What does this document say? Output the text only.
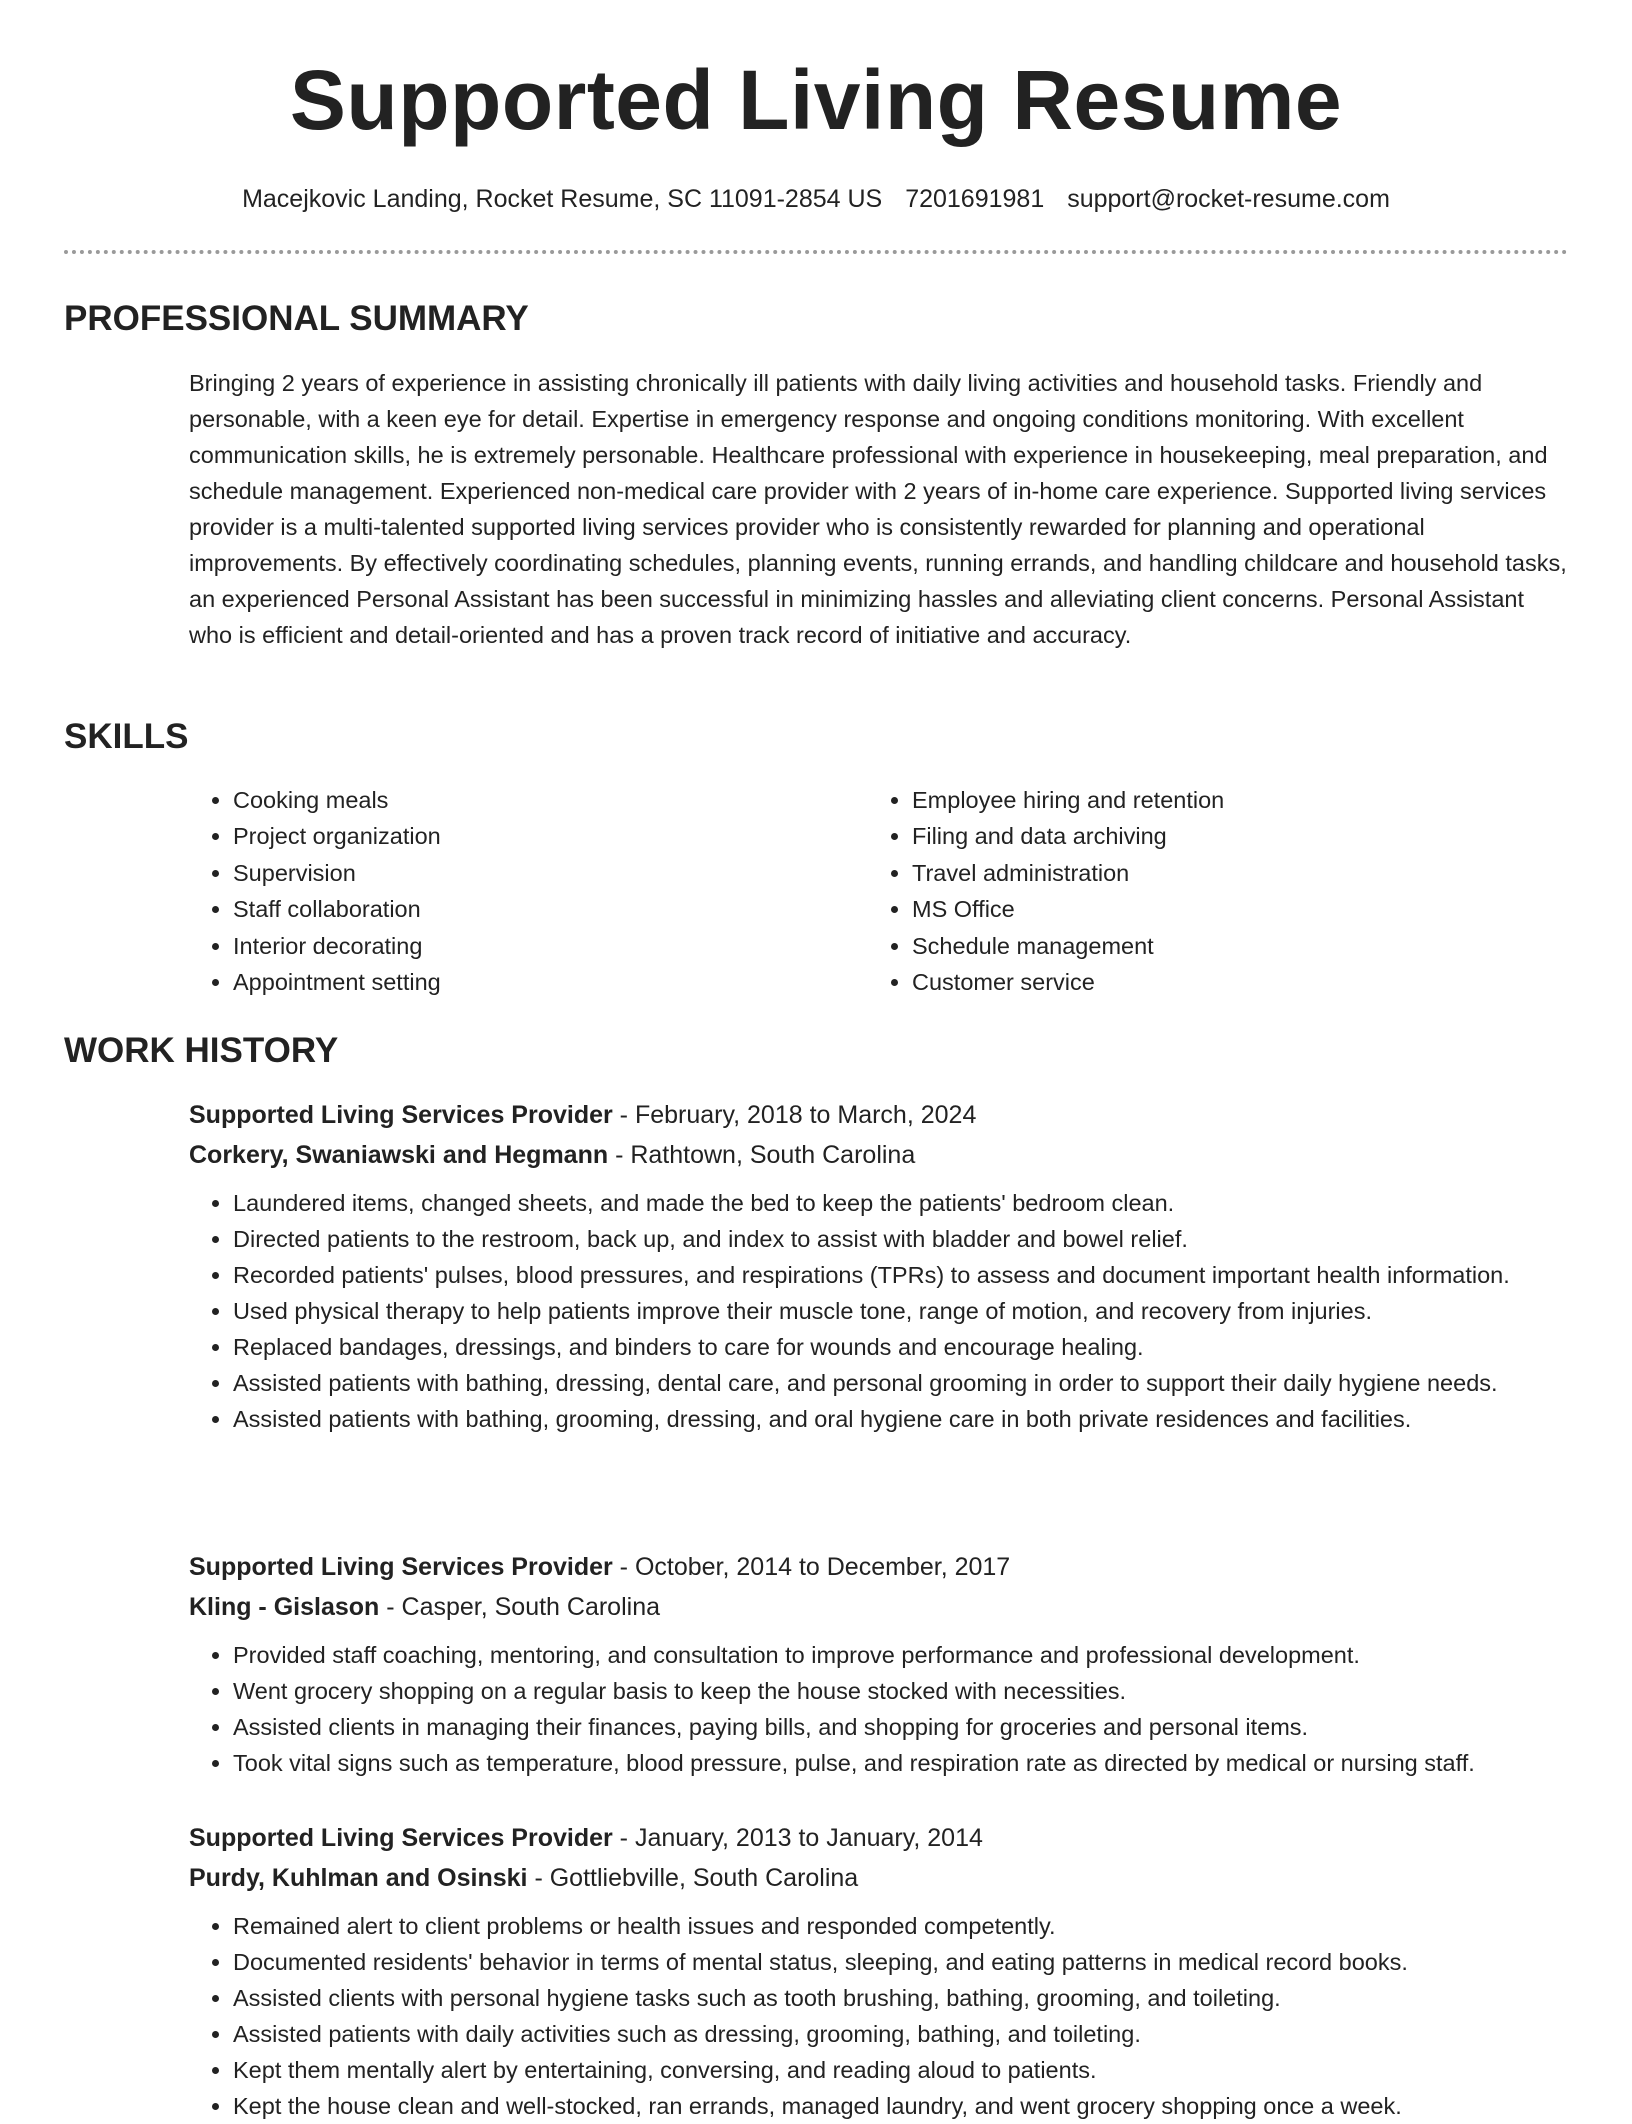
Supported Living Resume
Macejkovic Landing, Rocket Resume, SC 11091-2854 US 7201691981 support@rocket-resume.com
PROFESSIONAL SUMMARY

Bringing 2 years of experience in assisting chronically ill patients with daily living activities and household tasks. Friendly and personable, with a keen eye for detail. Expertise in emergency response and ongoing conditions monitoring. With excellent communication skills, he is extremely personable. Healthcare professional with experience in housekeeping, meal preparation, and schedule management. Experienced non-medical care provider with 2 years of in-home care experience. Supported living services provider is a multi-talented supported living services provider who is consistently rewarded for planning and operational improvements. By effectively coordinating schedules, planning events, running errands, and handling childcare and household tasks, an experienced Personal Assistant has been successful in minimizing hassles and alleviating client concerns. Personal Assistant who is efficient and detail-oriented and has a proven track record of initiative and accuracy.

SKILLS
• Cooking meals
• Project organization
• Supervision
• Staff collaboration
• Interior decorating
• Appointment setting
• Employee hiring and retention
• Filing and data archiving
• Travel administration
• MS Office
• Schedule management
• Customer service
WORK HISTORY
Supported Living Services Provider - February, 2018 to March, 2024
Corkery, Swaniawski and Hegmann - Rathtown, South Carolina
• Laundered items, changed sheets, and made the bed to keep the patients' bedroom clean.
• Directed patients to the restroom, back up, and index to assist with bladder and bowel relief.
• Recorded patients' pulses, blood pressures, and respirations (TPRs) to assess and document important health information.
• Used physical therapy to help patients improve their muscle tone, range of motion, and recovery from injuries.
• Replaced bandages, dressings, and binders to care for wounds and encourage healing.
• Assisted patients with bathing, dressing, dental care, and personal grooming in order to support their daily hygiene needs.
• Assisted patients with bathing, grooming, dressing, and oral hygiene care in both private residences and facilities.
Supported Living Services Provider - October, 2014 to December, 2017
Kling - Gislason - Casper, South Carolina
• Provided staff coaching, mentoring, and consultation to improve performance and professional development.
• Went grocery shopping on a regular basis to keep the house stocked with necessities.
• Assisted clients in managing their finances, paying bills, and shopping for groceries and personal items.
• Took vital signs such as temperature, blood pressure, pulse, and respiration rate as directed by medical or nursing staff.
Supported Living Services Provider - January, 2013 to January, 2014
Purdy, Kuhlman and Osinski - Gottliebville, South Carolina
• Remained alert to client problems or health issues and responded competently.
• Documented residents' behavior in terms of mental status, sleeping, and eating patterns in medical record books.
• Assisted clients with personal hygiene tasks such as tooth brushing, bathing, grooming, and toileting.
• Assisted patients with daily activities such as dressing, grooming, bathing, and toileting.
• Kept them mentally alert by entertaining, conversing, and reading aloud to patients.
• Kept the house clean and well-stocked, ran errands, managed laundry, and went grocery shopping once a week.
